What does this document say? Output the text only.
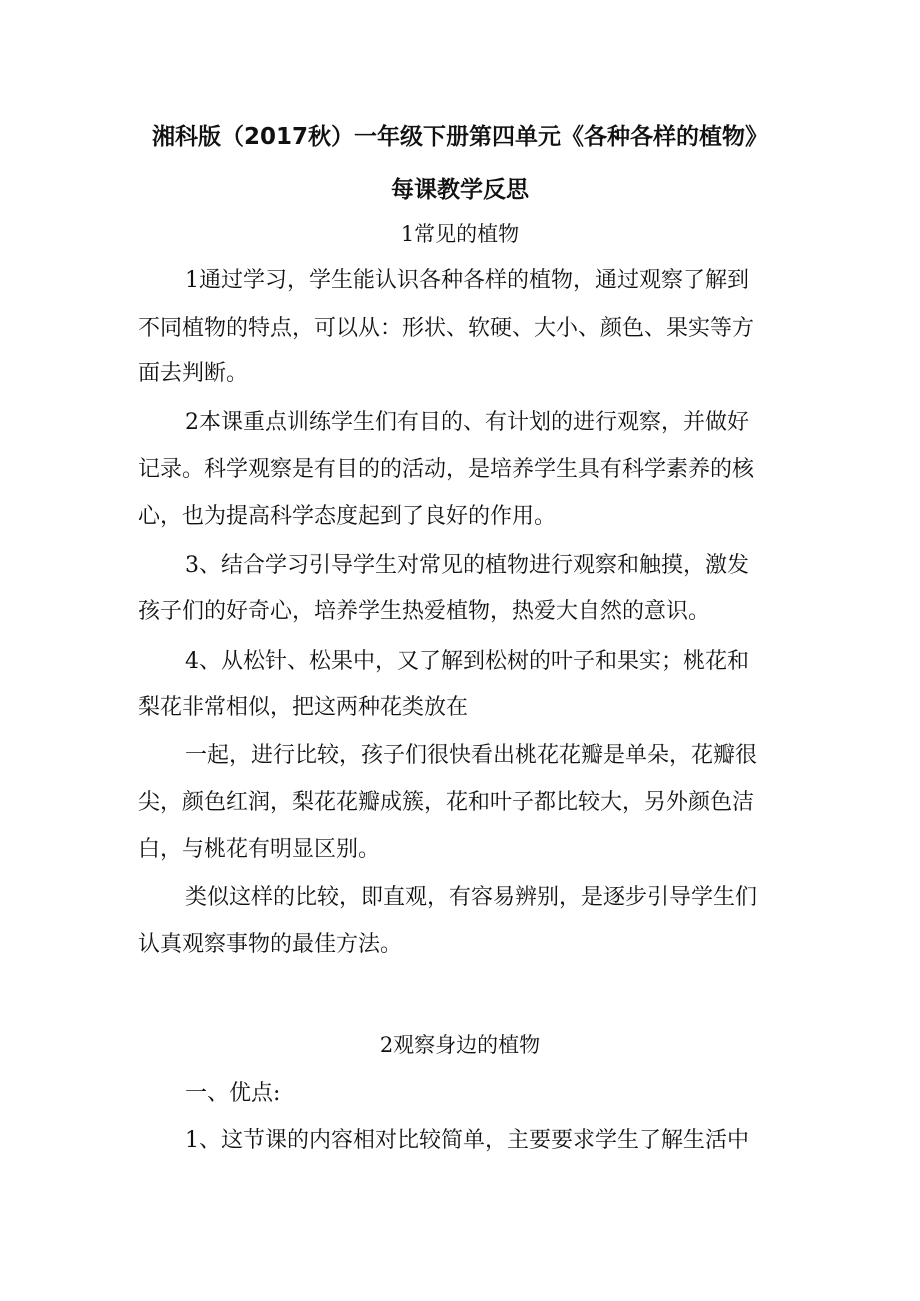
湘科版（2017秋）一年级下册第四单元《各种各样的植物》
每课教学反思
1常见的植物
1通过学习，学生能认识各种各样的植物，通过观察了解到
不同植物的特点，可以从：形状、软硬、大小、颜色、果实等方
面去判断。
2本课重点训练学生们有目的、有计划的进行观察，并做好
记录。科学观察是有目的的活动，是培养学生具有科学素养的核
心，也为提高科学态度起到了良好的作用。
3、结合学习引导学生对常见的植物进行观察和触摸，激发
孩子们的好奇心，培养学生热爱植物，热爱大自然的意识。
4、从松针、松果中，又了解到松树的叶子和果实；桃花和
梨花非常相似，把这两种花类放在
一起，进行比较，孩子们很快看出桃花花瓣是单朵，花瓣很
尖，颜色红润，梨花花瓣成簇，花和叶子都比较大，另外颜色洁
白，与桃花有明显区别。
类似这样的比较，即直观，有容易辨别，是逐步引导学生们
认真观察事物的最佳方法。
2观察身边的植物
一、优点:
1、这节课的内容相对比较简单，主要要求学生了解生活中
